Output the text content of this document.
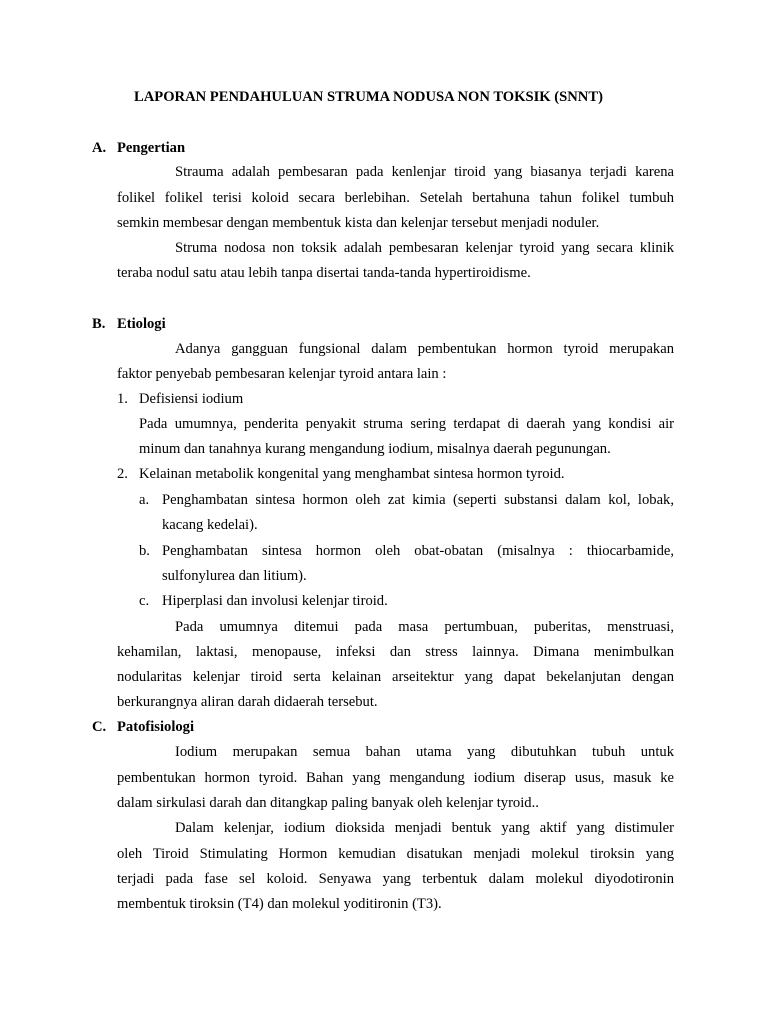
LAPORAN PENDAHULUAN STRUMA NODUSA NON TOKSIK (SNNT)
A. Pengertian
Strauma adalah pembesaran pada kenlenjar tiroid yang biasanya terjadi karena
folikel folikel terisi koloid secara berlebihan. Setelah bertahuna tahun folikel tumbuh
semkin membesar dengan membentuk kista dan kelenjar tersebut menjadi noduler.
Struma nodosa non toksik adalah pembesaran kelenjar tyroid yang secara klinik
teraba nodul satu atau lebih tanpa disertai tanda-tanda hypertiroidisme.
B. Etiologi
Adanya gangguan fungsional dalam pembentukan hormon tyroid merupakan
faktor penyebab pembesaran kelenjar tyroid antara lain :
1. Defisiensi iodium
Pada umumnya, penderita penyakit struma sering terdapat di daerah yang kondisi air
minum dan tanahnya kurang mengandung iodium, misalnya daerah pegunungan.
2. Kelainan metabolik kongenital yang menghambat sintesa hormon tyroid.
a. Penghambatan sintesa hormon oleh zat kimia (seperti substansi dalam kol, lobak,
kacang kedelai).
b. Penghambatan sintesa hormon oleh obat-obatan (misalnya : thiocarbamide,
sulfonylurea dan litium).
c. Hiperplasi dan involusi kelenjar tiroid.
Pada umumnya ditemui pada masa pertumbuan, puberitas, menstruasi,
kehamilan, laktasi, menopause, infeksi dan stress lainnya. Dimana menimbulkan
nodularitas kelenjar tiroid serta kelainan arseitektur yang dapat bekelanjutan dengan
berkurangnya aliran darah didaerah tersebut.
C. Patofisiologi
Iodium merupakan semua bahan utama yang dibutuhkan tubuh untuk
pembentukan hormon tyroid. Bahan yang mengandung iodium diserap usus, masuk ke
dalam sirkulasi darah dan ditangkap paling banyak oleh kelenjar tyroid..
Dalam kelenjar, iodium dioksida menjadi bentuk yang aktif yang distimuler
oleh Tiroid Stimulating Hormon kemudian disatukan menjadi molekul tiroksin yang
terjadi pada fase sel koloid. Senyawa yang terbentuk dalam molekul diyodotironin
membentuk tiroksin (T4) dan molekul yoditironin (T3).
